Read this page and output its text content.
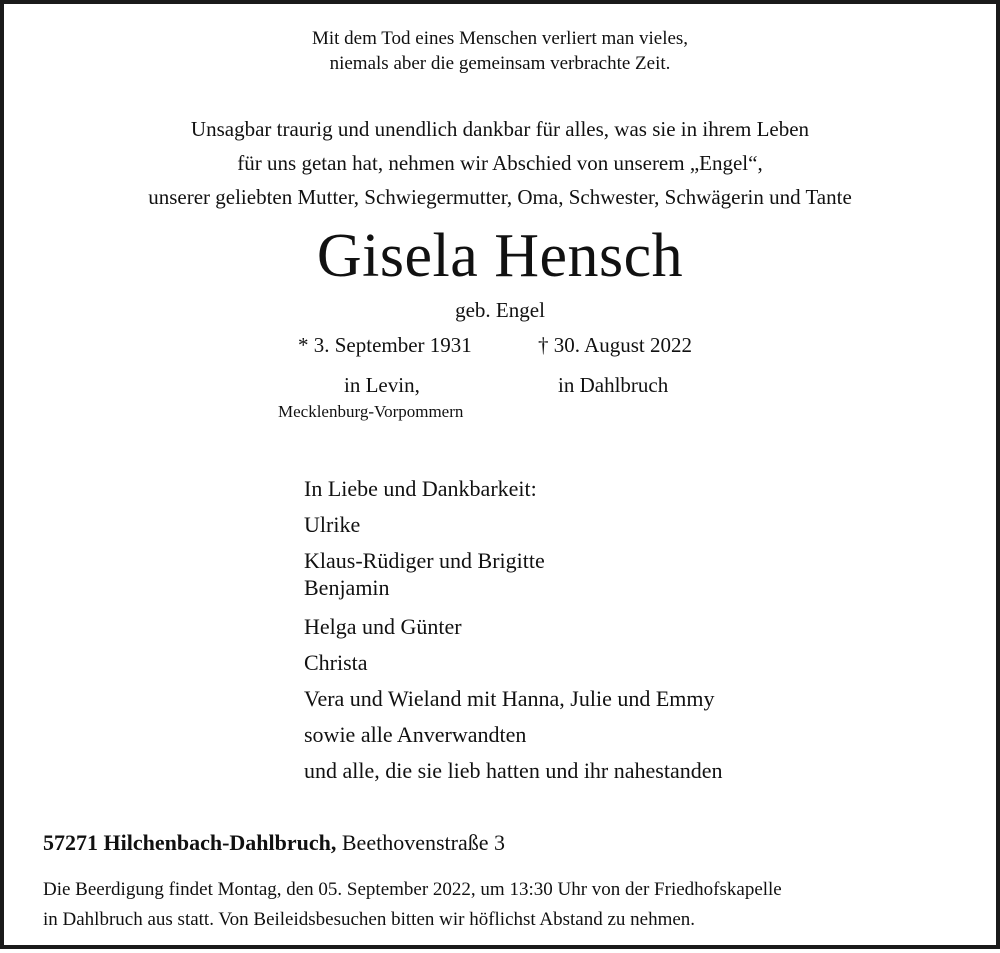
Mit dem Tod eines Menschen verliert man vieles,
niemals aber die gemeinsam verbrachte Zeit.
Unsagbar traurig und unendlich dankbar für alles, was sie in ihrem Leben
für uns getan hat, nehmen wir Abschied von unserem „Engel“,
unserer geliebten Mutter, Schwiegermutter, Oma, Schwester, Schwägerin und Tante
Gisela Hensch
geb. Engel
* 3. September 1931	† 30. August 2022
in Levin,
Mecklenburg-Vorpommern
in Dahlbruch
In Liebe und Dankbarkeit:
Ulrike
Klaus-Rüdiger und Brigitte
Benjamin
Helga und Günter
Christa
Vera und Wieland mit Hanna, Julie und Emmy
sowie alle Anverwandten
und alle, die sie lieb hatten und ihr nahestanden
57271 Hilchenbach-Dahlbruch, Beethovenstraße 3
Die Beerdigung findet Montag, den 05. September 2022, um 13:30 Uhr von der Friedhofskapelle
in Dahlbruch aus statt. Von Beileidsbesuchen bitten wir höflichst Abstand zu nehmen.
